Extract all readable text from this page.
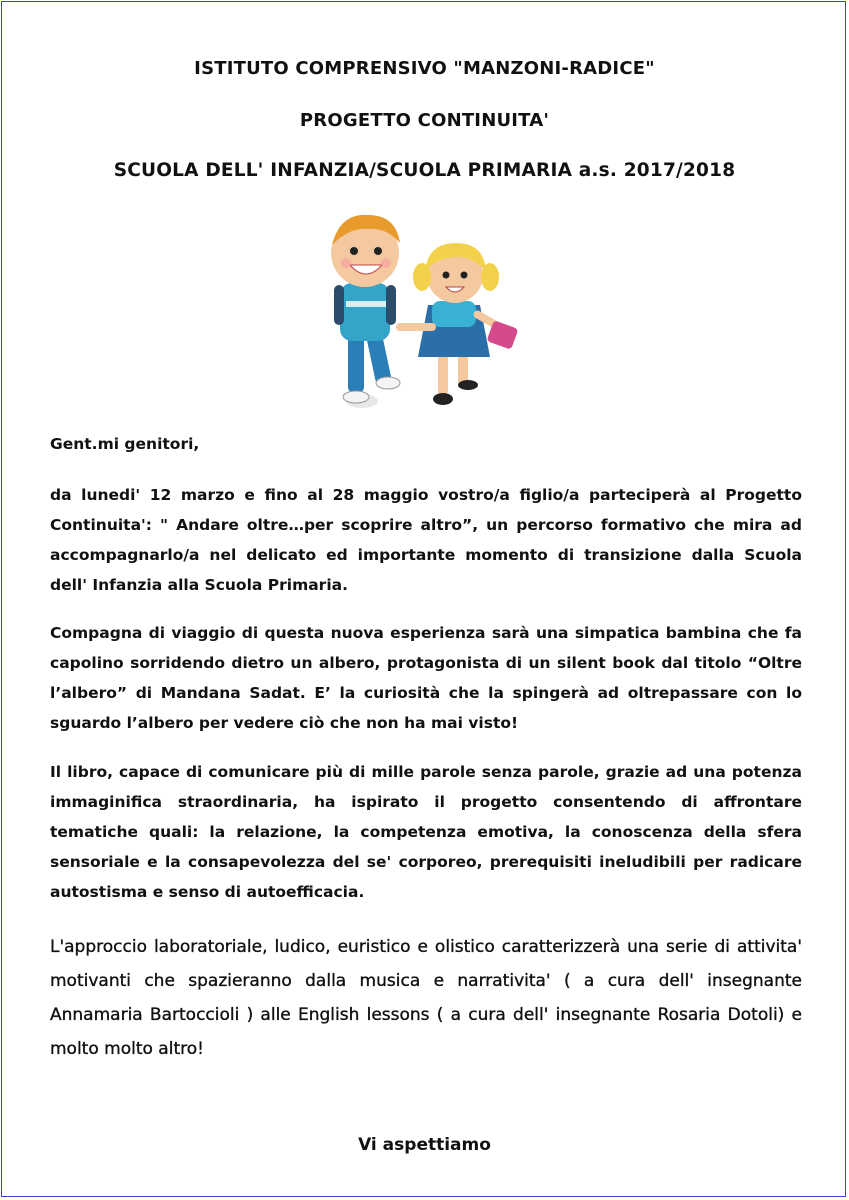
ISTITUTO COMPRENSIVO "MANZONI-RADICE"
PROGETTO CONTINUITA'
SCUOLA DELL' INFANZIA/SCUOLA PRIMARIA a.s. 2017/2018
Gent.mi genitori,

da lunedi' 12 marzo e fino al 28 maggio vostro/a figlio/a parteciperà al Progetto Continuita': " Andare oltre…per scoprire altro”, un percorso formativo che mira ad accompagnarlo/a nel delicato ed importante momento di transizione dalla Scuola dell' Infanzia alla Scuola Primaria.

Compagna di viaggio di questa nuova esperienza sarà una simpatica bambina che fa capolino sorridendo dietro un albero, protagonista di un silent book dal titolo “Oltre l’albero” di Mandana Sadat. E’ la curiosità che la spingerà ad oltrepassare con lo sguardo l’albero per vedere ciò che non ha mai visto!

Il libro, capace di comunicare più di mille parole senza parole, grazie ad una potenza immaginifica straordinaria, ha ispirato il progetto consentendo di affrontare tematiche quali: la relazione, la competenza emotiva, la conoscenza della sfera sensoriale e la consapevolezza del se' corporeo, prerequisiti ineludibili per radicare autostisma e senso di autoefficacia.

L'approccio laboratoriale, ludico, euristico e olistico caratterizzerà una serie di attivita' motivanti che spazieranno dalla musica e narrativita' ( a cura dell' insegnante Annamaria Bartoccioli ) alle English lessons ( a cura dell' insegnante Rosaria Dotoli) e molto molto altro!

Vi aspettiamo
